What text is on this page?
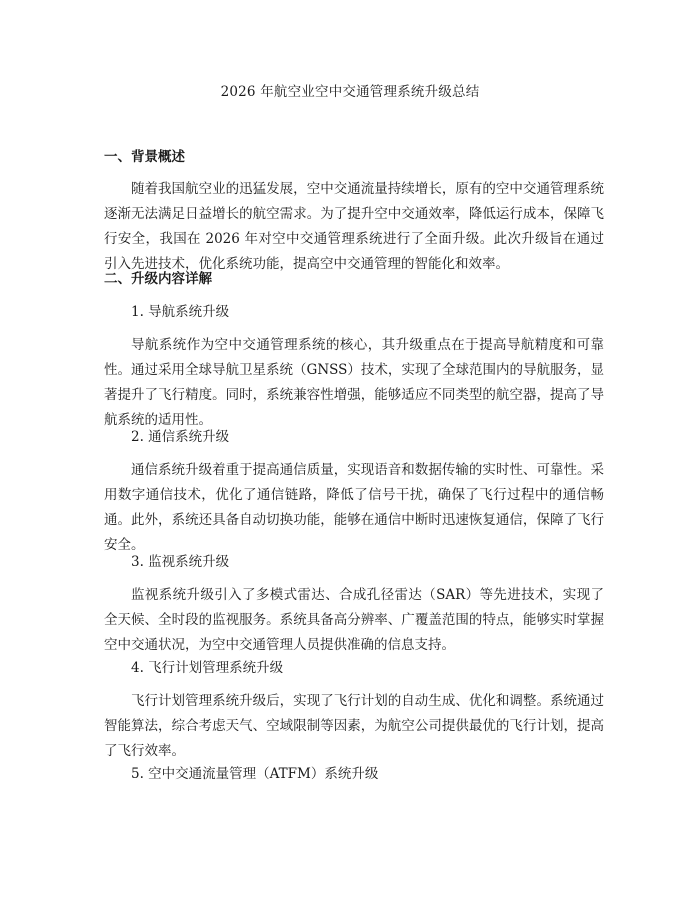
2026 年航空业空中交通管理系统升级总结

一、背景概述

随着我国航空业的迅猛发展，空中交通流量持续增长，原有的空中交通管理系统逐渐无法满足日益增长的航空需求。为了提升空中交通效率，降低运行成本，保障飞行安全，我国在 2026 年对空中交通管理系统进行了全面升级。此次升级旨在通过引入先进技术，优化系统功能，提高空中交通管理的智能化和效率。

二、升级内容详解

1. 导航系统升级

导航系统作为空中交通管理系统的核心，其升级重点在于提高导航精度和可靠性。通过采用全球导航卫星系统（GNSS）技术，实现了全球范围内的导航服务，显著提升了飞行精度。同时，系统兼容性增强，能够适应不同类型的航空器，提高了导航系统的适用性。

2. 通信系统升级

通信系统升级着重于提高通信质量，实现语音和数据传输的实时性、可靠性。采用数字通信技术，优化了通信链路，降低了信号干扰，确保了飞行过程中的通信畅通。此外，系统还具备自动切换功能，能够在通信中断时迅速恢复通信，保障了飞行安全。

3. 监视系统升级

监视系统升级引入了多模式雷达、合成孔径雷达（SAR）等先进技术，实现了全天候、全时段的监视服务。系统具备高分辨率、广覆盖范围的特点，能够实时掌握空中交通状况，为空中交通管理人员提供准确的信息支持。

4. 飞行计划管理系统升级

飞行计划管理系统升级后，实现了飞行计划的自动生成、优化和调整。系统通过智能算法，综合考虑天气、空域限制等因素，为航空公司提供最优的飞行计划，提高了飞行效率。

5. 空中交通流量管理（ATFM）系统升级
